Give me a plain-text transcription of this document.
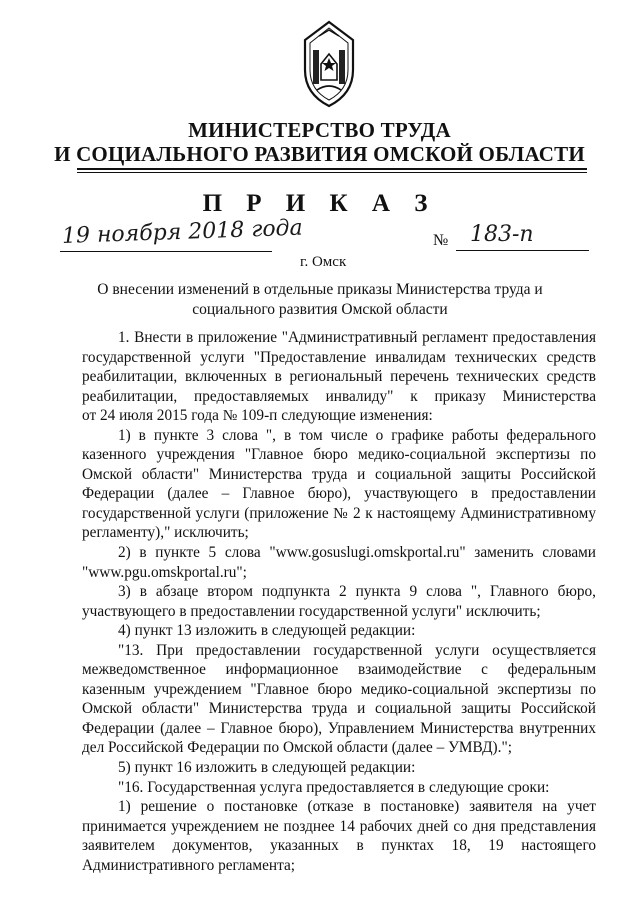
МИНИСТЕРСТВО ТРУДА
И СОЦИАЛЬНОГО РАЗВИТИЯ ОМСКОЙ ОБЛАСТИ
П Р И К А З
19 ноября 2018 года	№ 183-п
г. Омск
О внесении изменений в отдельные приказы Министерства труда и
социального развития Омской области

1. Внести в приложение "Административный регламент предоставления

государственной услуги "Предоставление инвалидам технических средств

реабилитации, включенных в региональный перечень технических средств

реабилитации, предоставляемых инвалиду" к приказу Министерства

от 24 июля 2015 года № 109-п следующие изменения:

1) в пункте 3 слова ", в том числе о графике работы федерального

казенного учреждения "Главное бюро медико-социальной экспертизы по

Омской области" Министерства труда и социальной защиты Российской

Федерации (далее – Главное бюро), участвующего в предоставлении

государственной услуги (приложение № 2 к настоящему Административному

регламенту)," исключить;

2) в пункте 5 слова "www.gosuslugi.omskportal.ru" заменить словами

"www.pgu.omskportal.ru";

3) в абзаце втором подпункта 2 пункта 9 слова ", Главного бюро,

участвующего в предоставлении государственной услуги" исключить;

4) пункт 13 изложить в следующей редакции:

"13. При предоставлении государственной услуги осуществляется

межведомственное информационное взаимодействие с федеральным

казенным учреждением "Главное бюро медико-социальной экспертизы по

Омской области" Министерства труда и социальной защиты Российской

Федерации (далее – Главное бюро), Управлением Министерства внутренних

дел Российской Федерации по Омской области (далее – УМВД).";

5) пункт 16 изложить в следующей редакции:

"16. Государственная услуга предоставляется в следующие сроки:

1) решение о постановке (отказе в постановке) заявителя на учет

принимается учреждением не позднее 14 рабочих дней со дня представления

заявителем документов, указанных в пунктах 18, 19 настоящего

Административного регламента;
